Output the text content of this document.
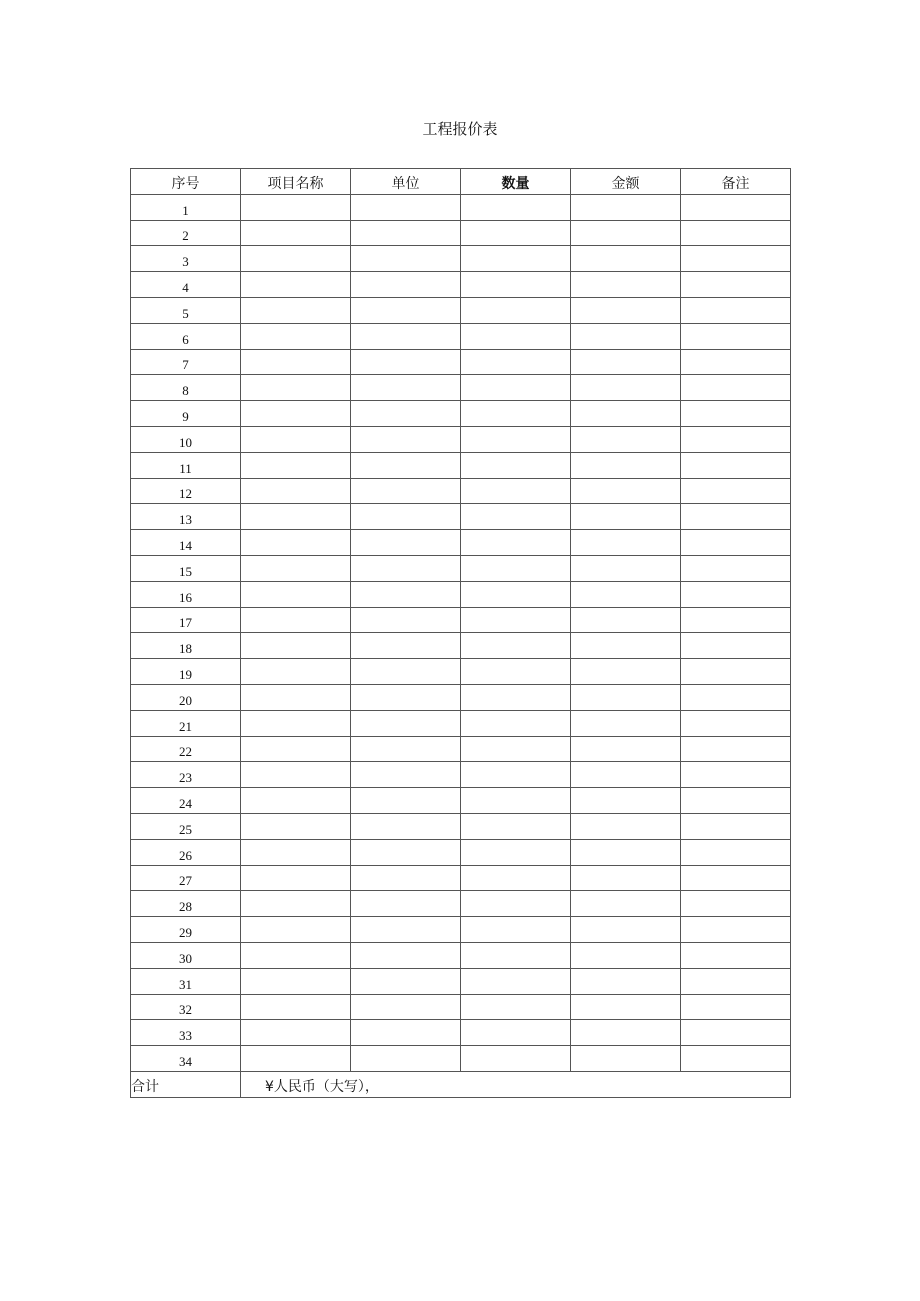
工程报价表
序号	项目名称	单位	数量	金额	备注
1					
2					
3					
4					
5					
6					
7					
8					
9					
10					
11					
12					
13					
14					
15					
16					
17					
18					
19					
20					
21					
22					
23					
24					
25					
26					
27					
28					
29					
30					
31					
32					
33					
34					
合计	¥人民币（大写），				
